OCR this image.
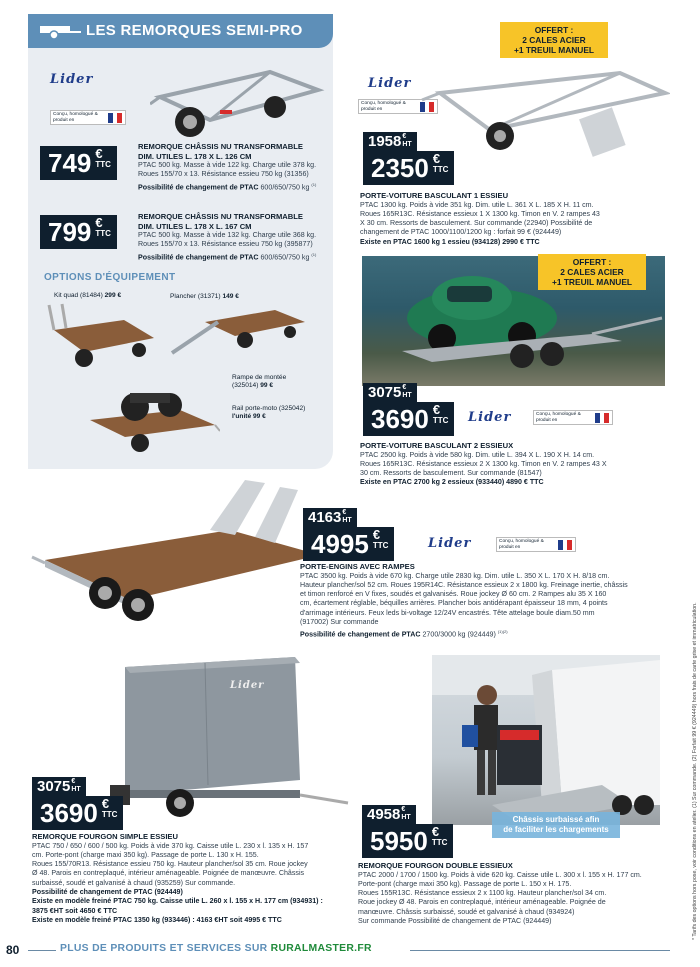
LES REMORQUES SEMI-PRO
Lider
Conçu, homologué & produit en
749 €
TTC
REMORQUE CHÂSSIS NU TRANSFORMABLE
DIM. UTILES L. 178 X L. 126 CM
PTAC 500 kg. Masse à vide 122 kg. Charge utile 378 kg.
Roues 155/70 x 13. Résistance essieu 750 kg (31356)
Possibilité de changement de PTAC 600/650/750 kg $^{(1)}$
799 €
TTC
REMORQUE CHÂSSIS NU TRANSFORMABLE
DIM. UTILES L. 178 X L. 167 CM
PTAC 500 kg. Masse à vide 132 kg. Charge utile 368 kg.
Roues 155/70 x 13. Résistance essieu 750 kg (395877)
Possibilité de changement de PTAC 600/650/750 kg $^{(1)}$
OPTIONS D'ÉQUIPEMENT
Kit quad (81484) 299 €	Plancher (31371) 149 €
Rampe de montée
(325014) 99 €
Rail porte-moto (325042)
l'unité 99 €
OFFERT :
2 CALES ACIER
+1 TREUIL MANUEL
Lider
Conçu, homologué & produit en
1958 €
HT
2350 €
TTC
PORTE-VOITURE BASCULANT 1 ESSIEU
PTAC 1300 kg. Poids à vide 351 kg. Dim. utile L. 361 X L. 185 X H. 11 cm.
Roues 165R13C. Résistance essieux 1 X 1300 kg. Timon en V. 2 rampes 43
X 30 cm. Ressorts de basculement. Sur commande (22940) Possibilité de
changement de PTAC 1000/1100/1200 kg : forfait 99 € (924449)
Existe en PTAC 1600 kg 1 essieu (934128) 2990 € TTC
OFFERT :
2 CALES ACIER
+1 TREUIL MANUEL
3075 €
HT
3690 €
TTC Lider	Conçu, homologué & produit en
PORTE-VOITURE BASCULANT 2 ESSIEUX
PTAC 2500 kg. Poids à vide 580 kg. Dim. utile L. 394 X L. 190 X H. 14 cm.
Roues 165R13C. Résistance essieux 2 X 1300 kg. Timon en V. 2 rampes 43 X
30 cm. Ressorts de basculement. Sur commande (81547)
Existe en PTAC 2700 kg 2 essieux (933440) 4890 € TTC
4163 €
HT
4995 €
TTC	Lider	Conçu, homologué & produit en
PORTE-ENGINS AVEC RAMPES
PTAC 3500 kg. Poids à vide 670 kg. Charge utile 2830 kg. Dim. utile L. 350 X L. 170 X H. 8/18 cm.
Hauteur plancher/sol 52 cm. Roues 195R14C. Résistance essieux 2 x 1800 kg. Freinage inertie, châssis
et timon renforcé en V fixes, soudés et galvanisés. Roue jockey Ø 60 cm. 2 Rampes alu 35 X 160
cm, écartement réglable, béquilles arrières. Plancher bois antidérapant épaisseur 18 mm, 4 points
d'arrimage intérieurs. Feux leds bi-voltage 12/24V encastrés. Tête attelage boule diam.50 mm
(917002) Sur commande
Possibilité de changement de PTAC 2700/3000 kg (924449) $^{(1)(2)}$
Lider
3075 €
HT
3690 €
TTC
REMORQUE FOURGON SIMPLE ESSIEU
PTAC 750 / 650 / 600 / 500 kg. Poids à vide 370 kg. Caisse utile L. 230 x l. 135 x H. 157
cm. Porte-pont (charge maxi 350 kg). Passage de porte L. 130 x H. 155.
Roues 155/70R13. Résistance essieu 750 kg. Hauteur plancher/sol 35 cm. Roue jockey
Ø 48. Parois en contreplaqué, intérieur aménageable. Poignée de manœuvre. Châssis
surbaissé, soudé et galvanisé à chaud (935259) Sur commande.
Possibilité de changement de PTAC (924449)
Existe en modèle freiné PTAC 750 kg. Caisse utile L. 260 x l. 155 x H. 177 cm (934931) :
3875 €HT soit 4650 € TTC
Existe en modèle freiné PTAC 1350 kg (933446) : 4163 €HT soit 4995 € TTC
Châssis surbaissé afin
de faciliter les chargements
4958 €
HT
5950 €
TTC
REMORQUE FOURGON DOUBLE ESSIEUX
PTAC 2000 / 1700 / 1500 kg. Poids à vide 620 kg. Caisse utile L. 300 x l. 155 x H. 177 cm.
Porte-pont (charge maxi 350 kg). Passage de porte L. 150 x H. 175.
Roues 155R13C. Résistance essieux 2 x 1100 kg. Hauteur plancher/sol 34 cm.
Roue jockey Ø 48. Parois en contreplaqué, intérieur aménageable. Poignée de
manœuvre. Châssis surbaissé, soudé et galvanisé à chaud (934924)
Sur commande Possibilité de changement de PTAC (924449)	* Tarifs des options hors pose, voir conditions en atelier. (1) Sur commande. (2) Forfait 99 € (924449) hors frais de carte grise et immatriculation.
80	PLUS DE PRODUITS ET SERVICES SUR RURALMASTER.FR
